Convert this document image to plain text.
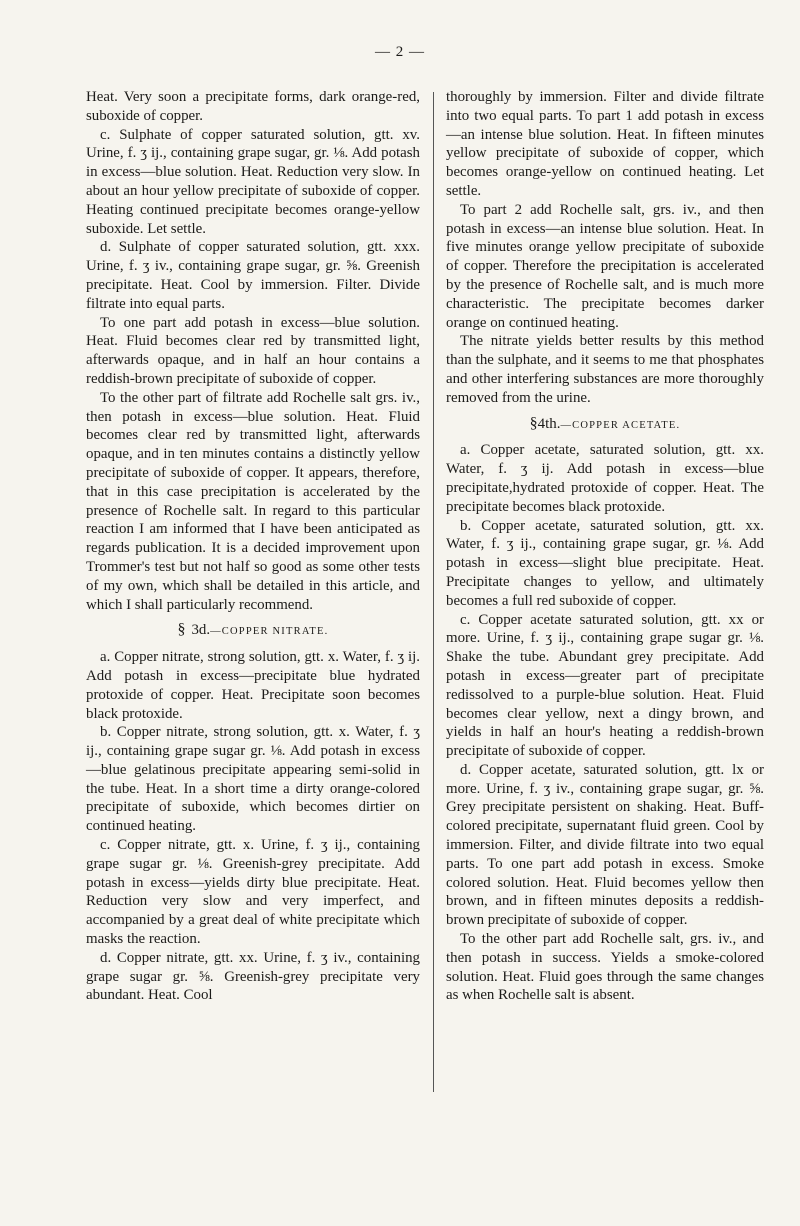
— 2 —

Heat. Very soon a precipitate forms, dark orange-red, suboxide of copper.

c. Sulphate of copper saturated solution, gtt. xv. Urine, f. ʒ ij., containing grape sugar, gr. ⅛. Add potash in excess—blue solution. Heat. Reduction very slow. In about an hour yellow precipitate of suboxide of copper. Heating continued precipitate becomes orange-yellow suboxide. Let settle.

d. Sulphate of copper saturated solution, gtt. xxx. Urine, f. ʒ iv., containing grape sugar, gr. ⅝. Greenish precipitate. Heat. Cool by immersion. Filter. Divide filtrate into equal parts.

To one part add potash in excess—blue solution. Heat. Fluid becomes clear red by transmitted light, afterwards opaque, and in half an hour contains a reddish-brown precipitate of suboxide of copper.

To the other part of filtrate add Rochelle salt grs. iv., then potash in excess—blue solution. Heat. Fluid becomes clear red by transmitted light, afterwards opaque, and in ten minutes contains a distinctly yellow precipitate of suboxide of copper. It appears, therefore, that in this case precipitation is accelerated by the presence of Rochelle salt. In regard to this particular reaction I am informed that I have been anticipated as regards publication. It is a decided improvement upon Trommer's test but not half so good as some other tests of my own, which shall be detailed in this article, and which I shall particularly recommend.

§ 3d.—COPPER NITRATE.

a. Copper nitrate, strong solution, gtt. x. Water, f. ʒ ij. Add potash in excess—precipitate blue hydrated protoxide of copper. Heat. Precipitate soon becomes black protoxide.

b. Copper nitrate, strong solution, gtt. x. Water, f. ʒ ij., containing grape sugar gr. ⅛. Add potash in excess—blue gelatinous precipitate appearing semi-solid in the tube. Heat. In a short time a dirty orange-colored precipitate of suboxide, which becomes dirtier on continued heating.

c. Copper nitrate, gtt. x. Urine, f. ʒ ij., containing grape sugar gr. ⅛. Greenish-grey precipitate. Add potash in excess—yields dirty blue precipitate. Heat. Reduction very slow and very imperfect, and accompanied by a great deal of white precipitate which masks the reaction.

d. Copper nitrate, gtt. xx. Urine, f. ʒ iv., containing grape sugar gr. ⅝. Greenish-grey precipitate very abundant. Heat. Cool

thoroughly by immersion. Filter and divide filtrate into two equal parts. To part 1 add potash in excess—an intense blue solution. Heat. In fifteen minutes yellow precipitate of suboxide of copper, which becomes orange-yellow on continued heating. Let settle.

To part 2 add Rochelle salt, grs. iv., and then potash in excess—an intense blue solution. Heat. In five minutes orange yellow precipitate of suboxide of copper. Therefore the precipitation is accelerated by the presence of Rochelle salt, and is much more characteristic. The precipitate becomes darker orange on continued heating.

The nitrate yields better results by this method than the sulphate, and it seems to me that phosphates and other interfering substances are more thoroughly removed from the urine.

§4th.—COPPER ACETATE.

a. Copper acetate, saturated solution, gtt. xx. Water, f. ʒ ij. Add potash in excess—blue precipitate,hydrated protoxide of copper. Heat. The precipitate becomes black protoxide.

b. Copper acetate, saturated solution, gtt. xx. Water, f. ʒ ij., containing grape sugar, gr. ⅛. Add potash in excess—slight blue precipitate. Heat. Precipitate changes to yellow, and ultimately becomes a full red suboxide of copper.

c. Copper acetate saturated solution, gtt. xx or more. Urine, f. ʒ ij., containing grape sugar gr. ⅛. Shake the tube. Abundant grey precipitate. Add potash in excess—greater part of precipitate redissolved to a purple-blue solution. Heat. Fluid becomes clear yellow, next a dingy brown, and yields in half an hour's heating a reddish-brown precipitate of suboxide of copper.

d. Copper acetate, saturated solution, gtt. lx or more. Urine, f. ʒ iv., containing grape sugar, gr. ⅝. Grey precipitate persistent on shaking. Heat. Buff-colored precipitate, supernatant fluid green. Cool by immersion. Filter, and divide filtrate into two equal parts. To one part add potash in excess. Smoke colored solution. Heat. Fluid becomes yellow then brown, and in fifteen minutes deposits a reddish-brown precipitate of suboxide of copper.

To the other part add Rochelle salt, grs. iv., and then potash in success. Yields a smoke-colored solution. Heat. Fluid goes through the same changes as when Rochelle salt is absent.
